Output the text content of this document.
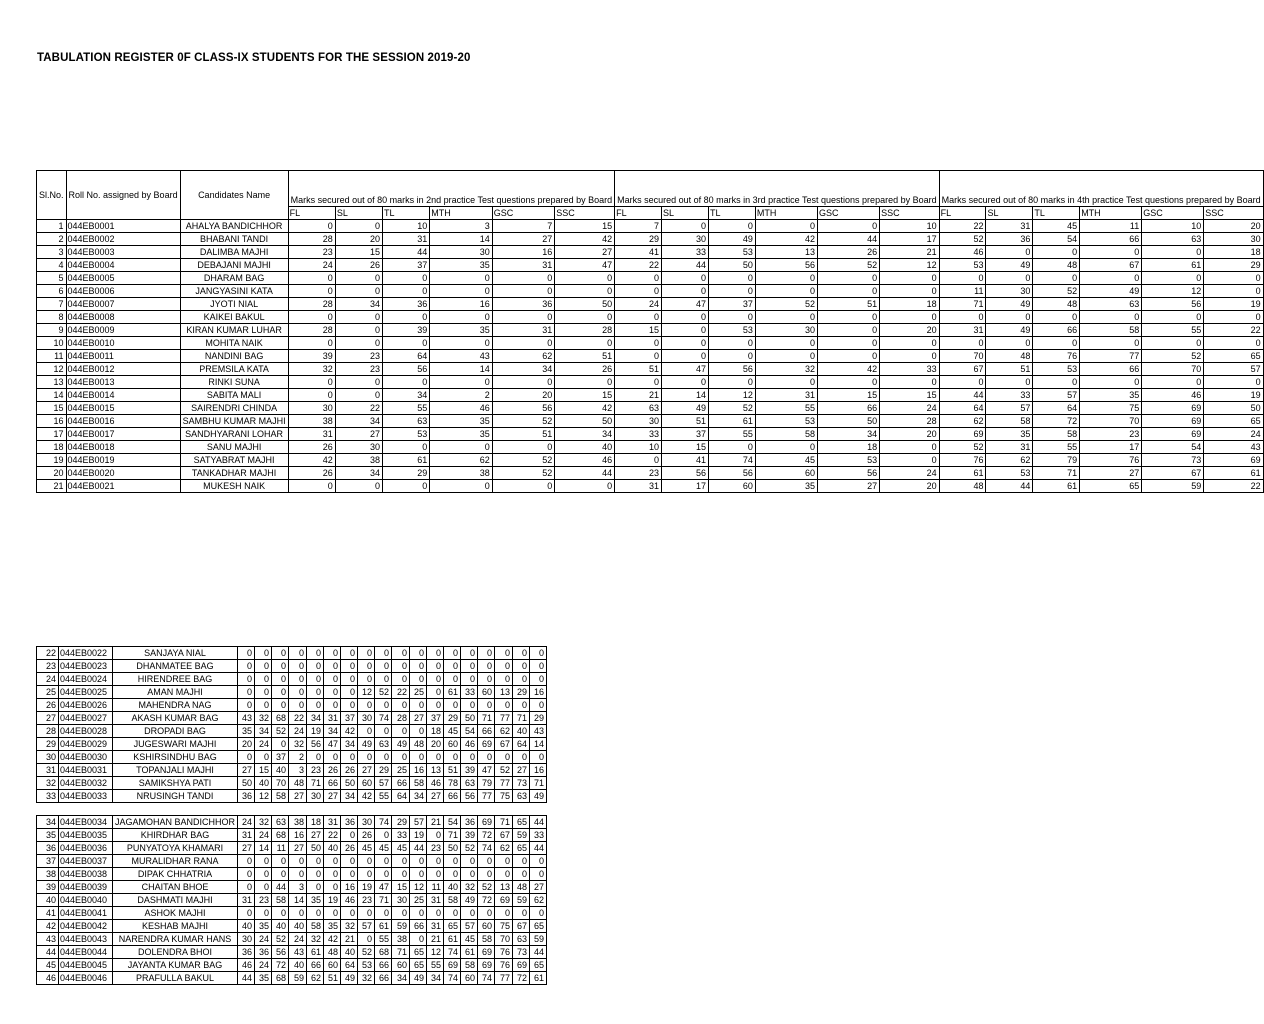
TABULATION REGISTER 0F CLASS-IX STUDENTS FOR THE SESSION 2019-20
Sl.No.	Roll No. assigned by Board	Candidates Name	Marks secured out of 80 marks in 2nd practice Test questions prepared by Board						Marks secured out of 80 marks in 3rd practice Test questions prepared by Board						Marks secured out of 80 marks in 4th practice Test questions prepared by Board					
			FL	SL	TL	MTH	GSC	SSC	FL	SL	TL	MTH	GSC	SSC	FL	SL	TL	MTH	GSC	SSC
1	044EB0001	AHALYA BANDICHHOR	0	0	10	3	7	15	7	0	0	0	0	10	22	31	45	11	10	20
2	044EB0002	BHABANI TANDI	28	20	31	14	27	42	29	30	49	42	44	17	52	36	54	66	63	30
3	044EB0003	DALIMBA MAJHI	23	15	44	30	16	27	41	33	53	13	26	21	46	0	0	0	0	18
4	044EB0004	DEBAJANI MAJHI	24	26	37	35	31	47	22	44	50	56	52	12	53	49	48	67	61	29
5	044EB0005	DHARAM BAG	0	0	0	0	0	0	0	0	0	0	0	0	0	0	0	0	0	0
6	044EB0006	JANGYASINI KATA	0	0	0	0	0	0	0	0	0	0	0	0	11	30	52	49	12	0
7	044EB0007	JYOTI NIAL	28	34	36	16	36	50	24	47	37	52	51	18	71	49	48	63	56	19
8	044EB0008	KAIKEI BAKUL	0	0	0	0	0	0	0	0	0	0	0	0	0	0	0	0	0	0
9	044EB0009	KIRAN KUMAR LUHAR	28	0	39	35	31	28	15	0	53	30	0	20	31	49	66	58	55	22
10	044EB0010	MOHITA NAIK	0	0	0	0	0	0	0	0	0	0	0	0	0	0	0	0	0	0
11	044EB0011	NANDINI BAG	39	23	64	43	62	51	0	0	0	0	0	0	70	48	76	77	52	65
12	044EB0012	PREMSILA KATA	32	23	56	14	34	26	51	47	56	32	42	33	67	51	53	66	70	57
13	044EB0013	RINKI SUNA	0	0	0	0	0	0	0	0	0	0	0	0	0	0	0	0	0	0
14	044EB0014	SABITA MALI	0	0	34	2	20	15	21	14	12	31	15	15	44	33	57	35	46	19
15	044EB0015	SAIRENDRI CHINDA	30	22	55	46	56	42	63	49	52	55	66	24	64	57	64	75	69	50
16	044EB0016	SAMBHU KUMAR MAJHI	38	34	63	35	52	50	30	51	61	53	50	28	62	58	72	70	69	65
17	044EB0017	SANDHYARANI LOHAR	31	27	53	35	51	34	33	37	55	58	34	20	69	35	58	23	69	24
18	044EB0018	SANU MAJHI	26	30	0	0	0	40	10	15	0	0	18	0	52	31	55	17	54	43
19	044EB0019	SATYABRAT MAJHI	42	38	61	62	52	46	0	41	74	45	53	0	76	62	79	76	73	69
20	044EB0020	TANKADHAR MAJHI	26	34	29	38	52	44	23	56	56	60	56	24	61	53	71	27	67	61
21	044EB0021	MUKESH NAIK	0	0	0	0	0	0	31	17	60	35	27	20	48	44	61	65	59	22
22	044EB0022	SANJAYA NIAL	0	0	0	0	0	0	0	0	0	0	0	0	0	0	0	0	0	0
23	044EB0023	DHANMATEE BAG	0	0	0	0	0	0	0	0	0	0	0	0	0	0	0	0	0	0
24	044EB0024	HIRENDREE BAG	0	0	0	0	0	0	0	0	0	0	0	0	0	0	0	0	0	0
25	044EB0025	AMAN MAJHI	0	0	0	0	0	0	0	12	52	22	25	0	61	33	60	13	29	16
26	044EB0026	MAHENDRA NAG	0	0	0	0	0	0	0	0	0	0	0	0	0	0	0	0	0	0
27	044EB0027	AKASH KUMAR BAG	43	32	68	22	34	31	37	30	74	28	27	37	29	50	71	77	71	29
28	044EB0028	DROPADI BAG	35	34	52	24	19	34	42	0	0	0	0	18	45	54	66	62	40	43
29	044EB0029	JUGESWARI MAJHI	20	24	0	32	56	47	34	49	63	49	48	20	60	46	69	67	64	14
30	044EB0030	KSHIRSINDHU BAG	0	0	37	2	0	0	0	0	0	0	0	0	0	0	0	0	0	0
31	044EB0031	TOPANJALI MAJHI	27	15	40	3	23	26	26	27	29	25	16	13	51	39	47	52	27	16
32	044EB0032	SAMIKSHYA PATI	50	40	70	48	71	66	50	60	57	66	58	46	78	63	79	77	73	71
33	044EB0033	NRUSINGH TANDI	36	12	58	27	30	27	34	42	55	64	34	27	66	56	77	75	63	49

34	044EB0034	JAGAMOHAN BANDICHHOR	24	32	63	38	18	31	36	30	74	29	57	21	54	36	69	71	65	44
35	044EB0035	KHIRDHAR BAG	31	24	68	16	27	22	0	26	0	33	19	0	71	39	72	67	59	33
36	044EB0036	PUNYATOYA KHAMARI	27	14	11	27	50	40	26	45	45	45	44	23	50	52	74	62	65	44
37	044EB0037	MURALIDHAR RANA	0	0	0	0	0	0	0	0	0	0	0	0	0	0	0	0	0	0
38	044EB0038	DIPAK CHHATRIA	0	0	0	0	0	0	0	0	0	0	0	0	0	0	0	0	0	0
39	044EB0039	CHAITAN BHOE	0	0	44	3	0	0	16	19	47	15	12	11	40	32	52	13	48	27
40	044EB0040	DASHMATI MAJHI	31	23	58	14	35	19	46	23	71	30	25	31	58	49	72	69	59	62
41	044EB0041	ASHOK MAJHI	0	0	0	0	0	0	0	0	0	0	0	0	0	0	0	0	0	0
42	044EB0042	KESHAB MAJHI	40	35	40	40	58	35	32	57	61	59	66	31	65	57	60	75	67	65
43	044EB0043	NARENDRA KUMAR HANS	30	24	52	24	32	42	21	0	55	38	0	21	61	45	58	70	63	59
44	044EB0044	DOLENDRA BHOI	36	36	56	43	61	48	40	52	68	71	65	12	74	61	69	76	73	44
45	044EB0045	JAYANTA KUMAR BAG	46	24	72	40	66	60	64	53	66	60	65	55	69	58	69	76	69	65
46	044EB0046	PRAFULLA BAKUL	44	35	68	59	62	51	49	32	66	34	49	34	74	60	74	77	72	61
